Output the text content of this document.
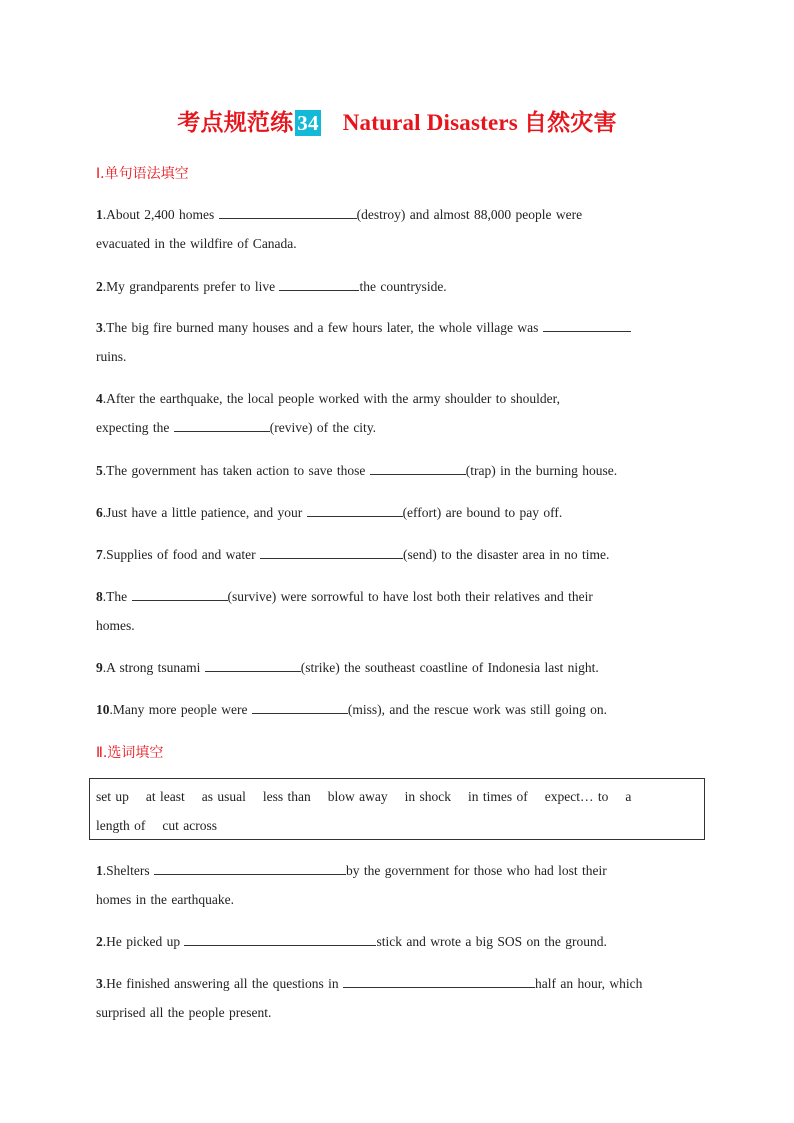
考点规范练 34 Natural Disasters 自然灾害
Ⅰ.单句语法填空
1.About 2,400 homes	(destroy) and almost 88,000 people were
evacuated in the wildfire of Canada.
2.My grandparents prefer to live	the countryside.
3.The big fire burned many houses and a few hours later, the whole village was
ruins.
4.After the earthquake, the local people worked with the army shoulder to shoulder,
expecting the	(revive) of the city.
5.The government has taken action to save those	(trap) in the burning house.
6.Just have a little patience, and your	(effort) are bound to pay off.
7.Supplies of food and water	(send) to the disaster area in no time.
8.The	(survive) were sorrowful to have lost both their relatives and their
homes.
9.A strong tsunami	(strike) the southeast coastline of Indonesia last night.
10.Many more people were	(miss), and the rescue work was still going on.
Ⅱ.选词填空
set up at least as usual less than blow away in shock in times of expect… to a
length of cut across
1.Shelters	by the government for those who had lost their
homes in the earthquake.
2.He picked up	stick and wrote a big SOS on the ground.
3.He finished answering all the questions in	half an hour, which
surprised all the people present.
